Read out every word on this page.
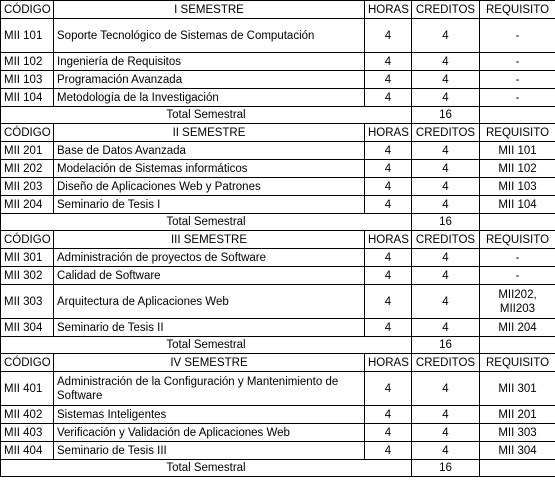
CÓDIGO	I SEMESTRE	HORAS	CREDITOS	REQUISITO
MII 101	Soporte Tecnológico de Sistemas de Computación	4	4	-
MII 102	Ingeniería de Requisitos	4	4	-
MII 103	Programación Avanzada	4	4	-
MII 104	Metodología de la Investigación	4	4	-
Total Semestral			16	
CÓDIGO	II SEMESTRE	HORAS	CREDITOS	REQUISITO
MII 201	Base de Datos Avanzada	4	4	MII 101
MII 202	Modelación de Sistemas informáticos	4	4	MII 102
MII 203	Diseño de Aplicaciones Web y Patrones	4	4	MII 103
MII 204	Seminario de Tesis I	4	4	MII 104
Total Semestral			16	
CÓDIGO	III SEMESTRE	HORAS	CREDITOS	REQUISITO
MII 301	Administración de proyectos de Software	4	4	-
MII 302	Calidad de Software	4	4	-
MII 303	Arquitectura de Aplicaciones Web	4	4	MII202, MII203
MII 304	Seminario de Tesis II	4	4	MII 204
Total Semestral			16	
CÓDIGO	IV SEMESTRE	HORAS	CREDITOS	REQUISITO
MII 401	Administración de la Configuración y Mantenimiento de Software	4	4	MII 301
MII 402	Sistemas Inteligentes	4	4	MII 201
MII 403	Verificación y Validación de Aplicaciones Web	4	4	MII 303
MII 404	Seminario de Tesis III	4	4	MII 304
Total Semestral			16	
